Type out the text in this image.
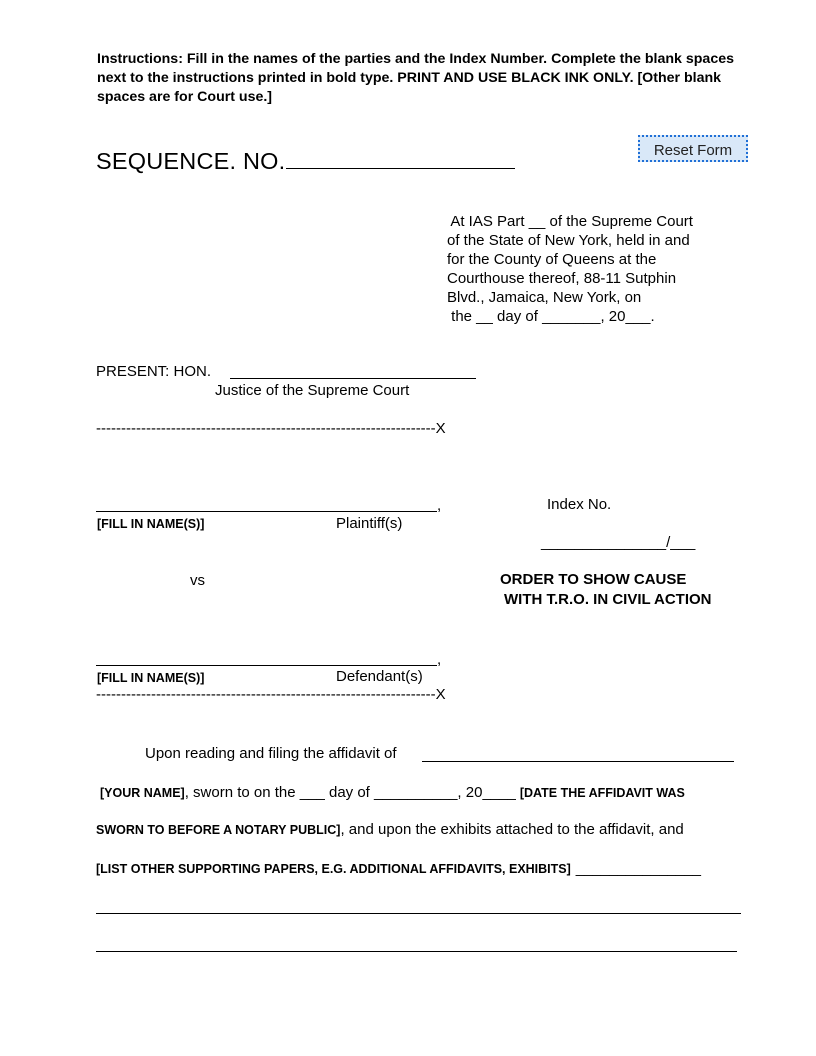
Instructions: Fill in the names of the parties and the Index Number. Complete the blank spaces next to the instructions printed in bold type. PRINT AND USE BLACK INK ONLY. [Other blank spaces are for Court use.]
SEQUENCE. NO.	Reset Form
At IAS Part __ of the Supreme Court
of the State of New York, held in and
for the County of Queens at the
Courthouse thereof, 88-11 Sutphin
Blvd., Jamaica, New York, on
the __ day of _______, 20___.
PRESENT: HON.
Justice of the Supreme Court
--------------------------------------------------------------------X
,
[FILL IN NAME(S)]	Plaintiff(s)
Index No.
_______________/___
vs	ORDER TO SHOW CAUSE
WITH T.R.O. IN CIVIL ACTION
,
[FILL IN NAME(S)]	Defendant(s)
--------------------------------------------------------------------X
Upon reading and filing the affidavit of
[YOUR NAME], sworn to on the ___ day of __________, 20____ [DATE THE AFFIDAVIT WAS
SWORN TO BEFORE A NOTARY PUBLIC], and upon the exhibits attached to the affidavit, and
[LIST OTHER SUPPORTING PAPERS, E.G. ADDITIONAL AFFIDAVITS, EXHIBITS] _______________
